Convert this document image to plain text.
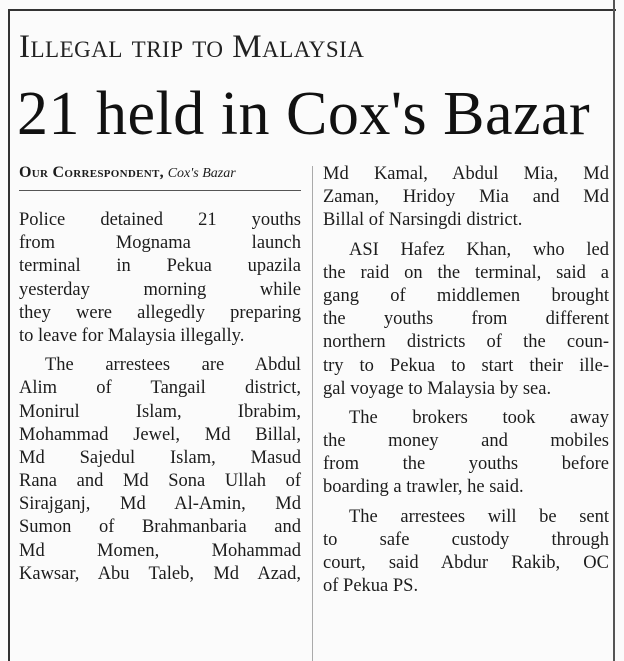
Illegal trip to Malaysia
21 held in Cox's Bazar
Our Correspondent, Cox's Bazar
Police detained 21 youths
from Mognama launch
terminal in Pekua upazila
yesterday morning while
they were allegedly preparing
to leave for Malaysia illegally.
The arrestees are Abdul
Alim of Tangail district,
Monirul Islam, Ibrabim,
Mohammad Jewel, Md Billal,
Md Sajedul Islam, Masud
Rana and Md Sona Ullah of
Sirajganj, Md Al-Amin, Md
Sumon of Brahmanbaria and
Md Momen, Mohammad
Kawsar, Abu Taleb, Md Azad,
Md Kamal, Abdul Mia, Md
Zaman, Hridoy Mia and Md
Billal of Narsingdi district.
ASI Hafez Khan, who led
the raid on the terminal, said a
gang of middlemen brought
the youths from different
northern districts of the coun-
try to Pekua to start their ille-
gal voyage to Malaysia by sea.
The brokers took away
the money and mobiles
from the youths before
boarding a trawler, he said.
The arrestees will be sent
to safe custody through
court, said Abdur Rakib, OC
of Pekua PS.
